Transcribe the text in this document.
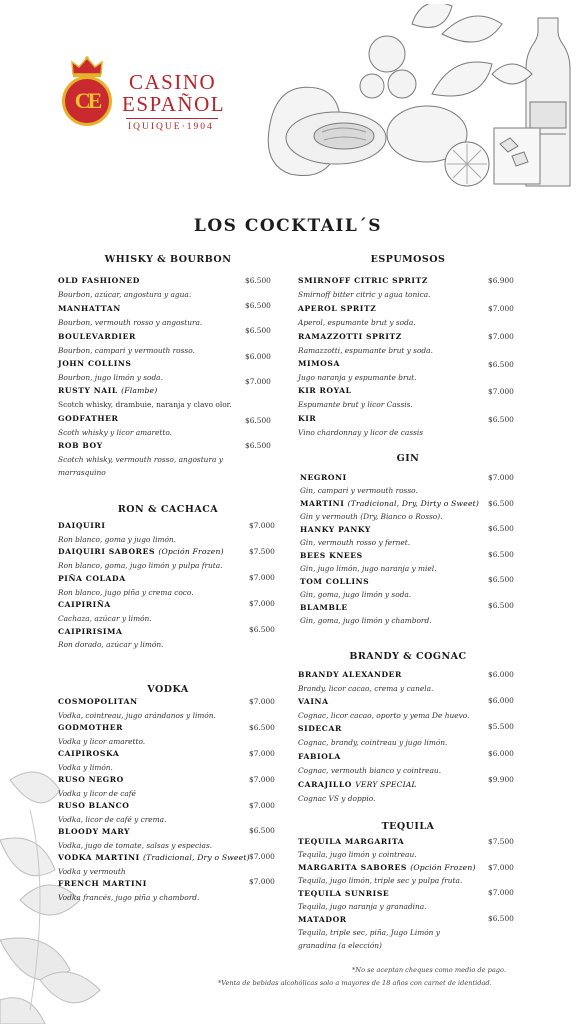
CE
CASINO
ESPAÑOL
IQUIQUE·1904
LOS COCKTAIL´S
WHISKY & BOURBON
OLD FASHIONED	$6.500
Bourbon, azúcar, angostura y agua.
MANHATTAN	$6.500
Bourbon, vermouth rosso y angostura.
BOULEVARDIER
$6.500
Bourbon, campari y vermouth rosso.
JOHN COLLINS
$6.000
Bourbon, jugo limón y soda.
RUSTY NAIL (Flambe)
$7.000
Scotch whisky, drambuie, naranja y clavo olor.
GODFATHER	$6.500
Scoth whisky y licor amaretto.
ROB BOY	$6.500
Scotch whisky, vermouth rosso, angostura y marrasquino
RON & CACHACA
DAIQUIRI	$7.000
Ron blanco, goma y jugo limón.
DAIQUIRI SABORES (Opción Frozen)	$7.500
Ron blanco, goma, jugo limón y pulpa fruta.
PIÑA COLADA	$7.000
Ron blanco, jugo piña y crema coco.
CAIPIRIÑA	$7.000
Cachaza, azúcar y limón.
CAIPIRISIMA	$6.500
Ron dorado, azúcar y limón.
VODKA
COSMOPOLITAN	$7.000
Vodka, cointreau, jugo arándanos y limón.
GODMOTHER	$6.500
Vodka y licor amaretto.
CAIPIROSKA	$7.000
Vodka y limón.
RUSO NEGRO	$7.000
Vodka y licor de café
RUSO BLANCO	$7.000
Vodka, licor de café y crema.
BLOODY MARY	$6.500
Vodka, jugo de tomate, salsas y especias.
VODKA MARTINI (Tradicional, Dry o Sweet) $7.000
Vodka y vermouth
FRENCH MARTINI	$7.000
Vodka francés, jugo piña y chambord.
ESPUMOSOS
SMIRNOFF CITRIC SPRITZ	$6.900
Smirnoff bitter citric y agua tonica.
APEROL SPRITZ	$7.000
Aperol, espumante brut y soda.
RAMAZZOTTI SPRITZ	$7.000
Ramazzotti, espumante brut y soda.
MIMOSA	$6.500
Jugo naranja y espumante brut.
KIR ROYAL	$7.000
Espumante brut y licor Cassis.
KIR	$6.500
Vino chardonnay y licor de cassis
GIN
NEGRONI	$7.000
Gin, campari y vermouth rosso.
MARTINI (Tradicional, Dry, Dirty o Sweet) $6.500
Gin y vermouth (Dry, Bianco o Rosso).
HANKY PANKY	$6.500
Gin, vermouth rosso y fernet.
BEES KNEES	$6.500
Gin, jugo limón, jugo naranja y miel.
TOM COLLINS	$6.500
Gin, goma, jugo limón y soda.
BLAMBLE	$6.500
Gin, goma, jugo limón y chambord.
BRANDY & COGNAC
BRANDY ALEXANDER	$6.000
Brandy, licor cacao, crema y canela.
VAINA	$6.000
Cognac, licor cacao, oporto y yema De huevo.
SIDECAR	$5.500
Cognac, brandy, cointreau y jugo limón.
FABIOLA	$6.000
Cognac, vermouth bianco y cointreau.
CARAJILLO VERY SPECIAL
$9.900
Cognac VS y doppio.
TEQUILA
TEQUILA MARGARITA	$7.500
Tequila, jugo limón y cointreau.
MARGARITA SABORES (Opción Frozen) $7.000
Tequila, jugo limón, triple sec y pulpa fruta.
TEQUILA SUNRISE	$7.000
Tequila, jugo naranja y granadina.
MATADOR	$6.500
Tequila, triple sec, piña, Jugo Limón y granadina (a elección)
*No se aceptan cheques como medio de pago.
*Venta de bebidas alcohólicas solo a mayores de 18 años con carnet de identidad.
